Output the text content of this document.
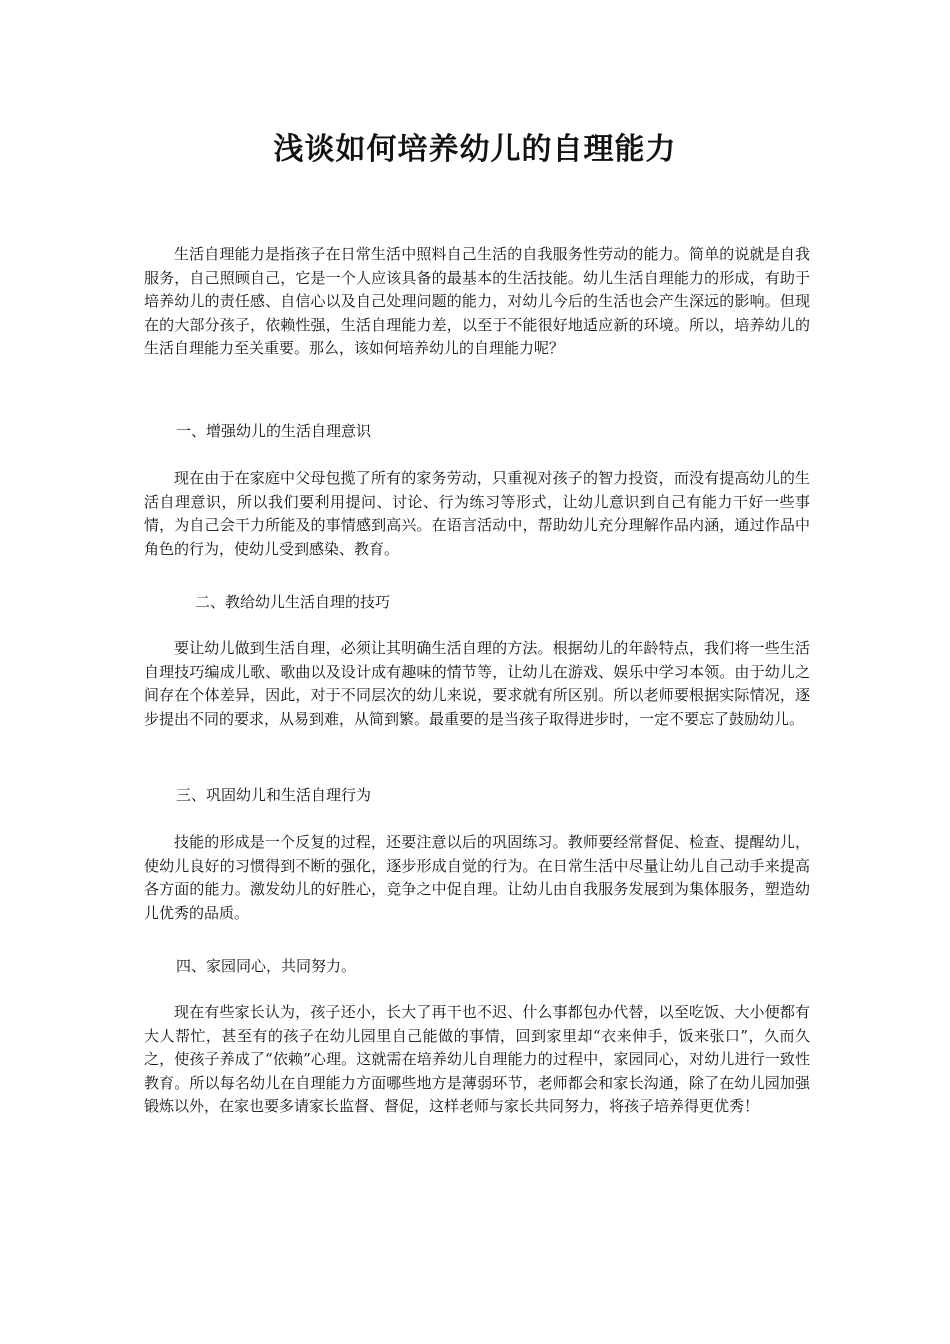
浅谈如何培养幼儿的自理能力

生活自理能力是指孩子在日常生活中照料自己生活的自我服务性劳动的能力。简单的说就是自我服务，自己照顾自己，它是一个人应该具备的最基本的生活技能。幼儿生活自理能力的形成，有助于培养幼儿的责任感、自信心以及自己处理问题的能力，对幼儿今后的生活也会产生深远的影响。但现在的大部分孩子，依赖性强，生活自理能力差，以至于不能很好地适应新的环境。所以，培养幼儿的生活自理能力至关重要。那么，该如何培养幼儿的自理能力呢？

一、增强幼儿的生活自理意识

现在由于在家庭中父母包揽了所有的家务劳动，只重视对孩子的智力投资，而没有提高幼儿的生活自理意识，所以我们要利用提问、讨论、行为练习等形式，让幼儿意识到自己有能力干好一些事情，为自己会干力所能及的事情感到高兴。在语言活动中，帮助幼儿充分理解作品内涵，通过作品中角色的行为，使幼儿受到感染、教育。

二、教给幼儿生活自理的技巧

要让幼儿做到生活自理，必须让其明确生活自理的方法。根据幼儿的年龄特点，我们将一些生活自理技巧编成儿歌、歌曲以及设计成有趣味的情节等，让幼儿在游戏、娱乐中学习本领。由于幼儿之间存在个体差异，因此，对于不同层次的幼儿来说，要求就有所区别。所以老师要根据实际情况，逐步提出不同的要求，从易到难，从简到繁。最重要的是当孩子取得进步时，一定不要忘了鼓励幼儿。

三、巩固幼儿和生活自理行为

技能的形成是一个反复的过程，还要注意以后的巩固练习。教师要经常督促、检查、提醒幼儿，使幼儿良好的习惯得到不断的强化，逐步形成自觉的行为。在日常生活中尽量让幼儿自己动手来提高各方面的能力。激发幼儿的好胜心，竞争之中促自理。让幼儿由自我服务发展到为集体服务，塑造幼儿优秀的品质。

四、家园同心，共同努力。

现在有些家长认为，孩子还小，长大了再干也不迟、什么事都包办代替，以至吃饭、大小便都有大人帮忙，甚至有的孩子在幼儿园里自己能做的事情，回到家里却“衣来伸手，饭来张口”，久而久之，使孩子养成了“依赖”心理。这就需在培养幼儿自理能力的过程中，家园同心，对幼儿进行一致性教育。所以每名幼儿在自理能力方面哪些地方是薄弱环节，老师都会和家长沟通，除了在幼儿园加强锻炼以外，在家也要多请家长监督、督促，这样老师与家长共同努力，将孩子培养得更优秀！
